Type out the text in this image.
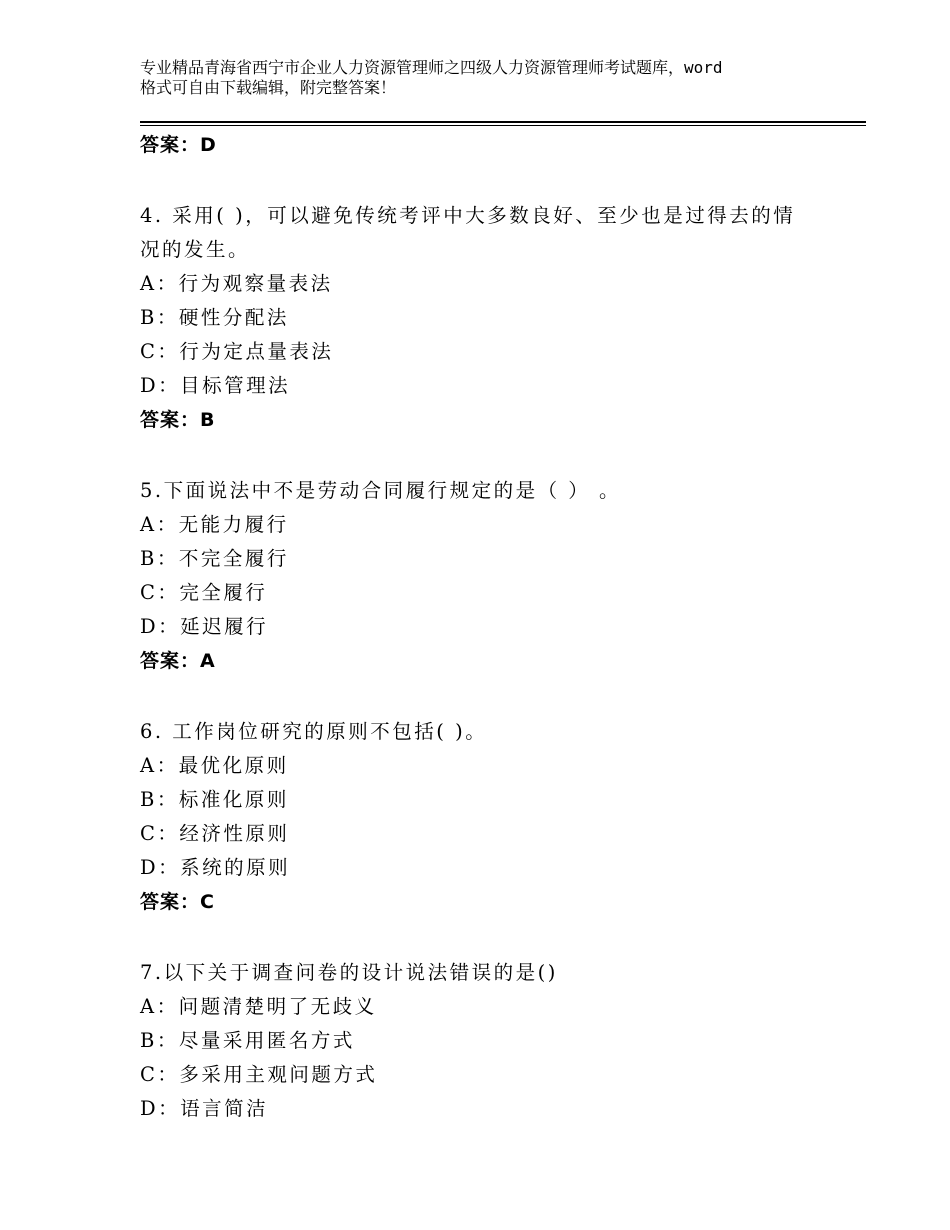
专业精品青海省西宁市企业人力资源管理师之四级人力资源管理师考试题库，word
格式可自由下载编辑，附完整答案！
答案：D
4. 采用( )，可以避免传统考评中大多数良好、至少也是过得去的情
况的发生。
A：行为观察量表法
B：硬性分配法
C：行为定点量表法
D：目标管理法
答案：B
5.下面说法中不是劳动合同履行规定的是（ ） 。
A：无能力履行
B：不完全履行
C：完全履行
D：延迟履行
答案：A
6. 工作岗位研究的原则不包括( )。
A：最优化原则
B：标准化原则
C：经济性原则
D：系统的原则
答案：C
7.以下关于调查问卷的设计说法错误的是()
A：问题清楚明了无歧义
B：尽量采用匿名方式
C：多采用主观问题方式
D：语言简洁
